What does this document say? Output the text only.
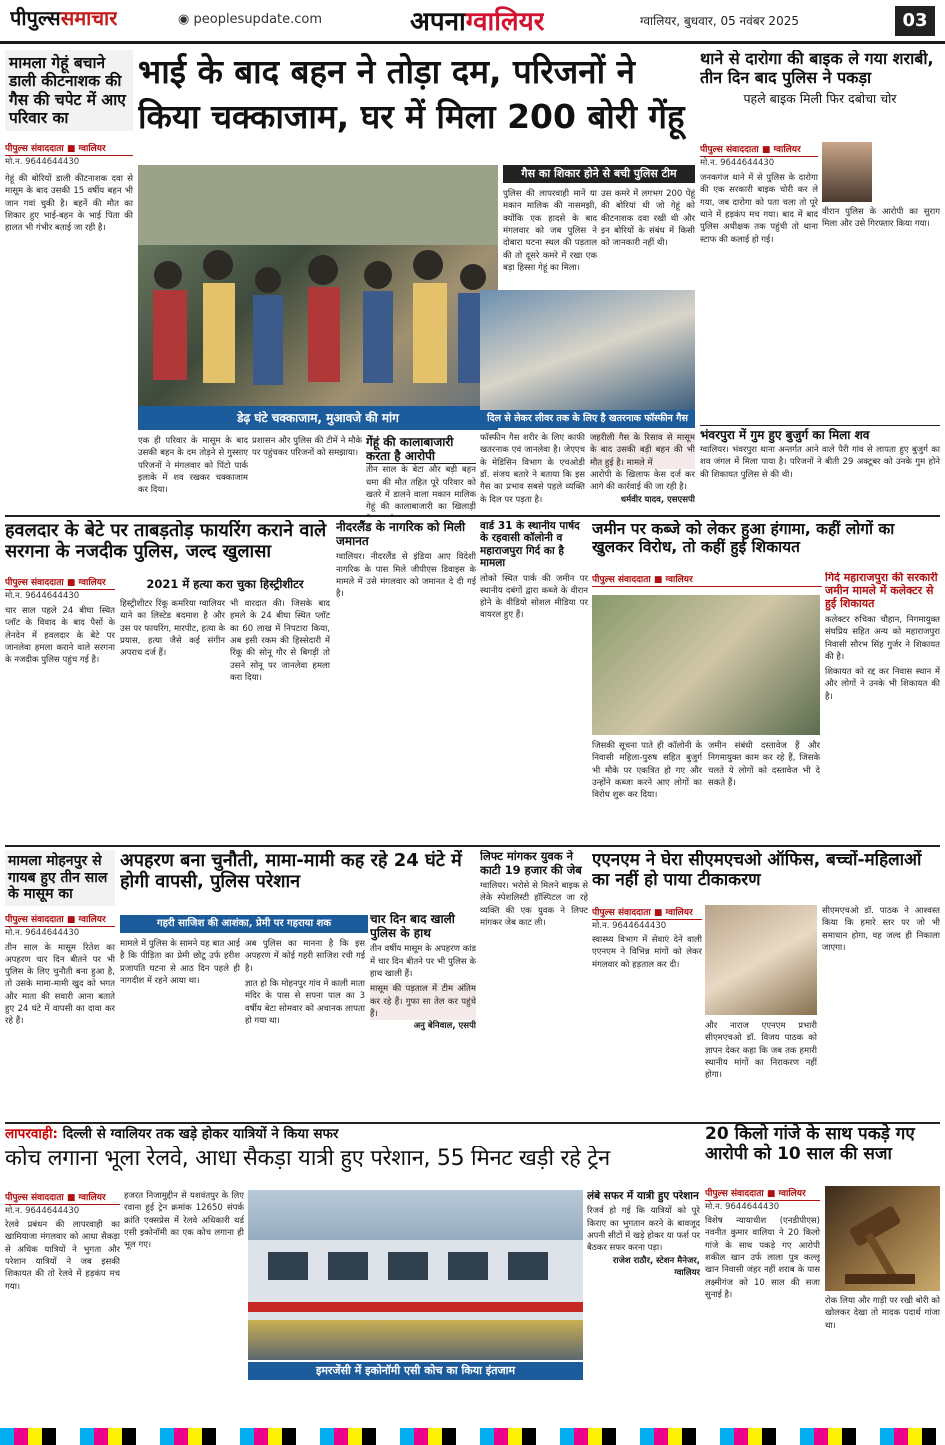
पीपुल्ससमाचार	◉ peoplesupdate.com	अपनाग्वालियर	ग्वालियर, बुधवार, 05 नवंबर 2025	03
मामला गेहूं बचाने डाली कीटनाशक की गैस की चपेट में आए परिवार का
पीपुल्स संवाददाता ■ ग्वालियर
मो.न. 9644644430
गेहूं की बोरियों डाली कीटनाशक दवा से मासूम के बाद उसकी 15 वर्षीय बहन भी जान गवां चुकी है। बहनें की मौत का शिकार हुए भाई-बहन के भाई पिता की हालत भी गंभीर बताई जा रही है।
भाई के बाद बहन ने तोड़ा दम, परिजनों ने किया चक्काजाम, घर में मिला 200 बोरी गेंहू
डेढ़ घंटे चक्काजाम, मुआवजे की मांग
गैस का शिकार होने से बची पुलिस टीम
पुलिस की लापरवाही मानें या मकान मालिक की नासमझी, क्योंकि एक हादसे के बाद मंगलवार को जब पुलिस ने दोबारा घटना स्थल की पड़ताल की तो दूसरे कमरे में रखा एक बड़ा हिस्सा गेहूं का मिला।
उस कमरे में लगभग 200 पेंहूं की बोरियां थी जो गेहूं को कीटनाशक दवा रखी थी और इन बोरियों के संबंध में किसी को जानकारी नहीं थी।
दिल से लेकर लीवर तक के लिए है खतरनाक फॉस्फीन गैस
एक ही परिवार के मासूम के बाद उसकी बहन के दम तोड़ने से गुस्साए परिजनों ने मंगलवार को पिंटो पार्क इलाके में शव रखकर चक्काजाम कर दिया।
प्रशासन और पुलिस की टीमें ने मौके पर पहुंचकर परिजनों को समझाया।
गेंहूं की कालाबाजारी करता है आरोपी
तीन साल के बेटा और बड़ी बहन धमा की मौत तहित पूरे परिवार को खतरे में डालने वाला मकान मालिक गेहूं की कालाबाजारी का खिलाड़ी
फॉस्फीन गैस शरीर के लिए काफी खतरनाक एवं जानलेवा है। जेएएच के मेडिसिन विभाग के एचओडी डॉ. संजय बतारे ने बताया कि इस गैस का प्रभाव सबसे पहले व्यक्ति के दिल पर पड़ता है।
जहरीली गैस के रिसाव से मासूम के बाद उसकी बड़ी बहन की भी मौत हुई है। मामले में
आरोपी के खिलाफ केस दर्ज कर आगे की कार्रवाई की जा रही है।
धर्मवीर यादव, एसएसपी
थाने से दारोगा की बाइक ले गया शराबी, तीन दिन बाद पुलिस ने पकड़ा
पहले बाइक मिली फिर दबोचा चोर
पीपुल्स संवाददाता ■ ग्वालियर
मो.न. 9644644430
जनकगंज थाने में से पुलिस के दारोगा की एक सरकारी बाइक चोरी कर ले गया, जब दारोगा को पता चला तो पूरे थाने में हड़कंप मच गया। बाद में बाद पुलिस अधीक्षक तक पहुंची तो थाना स्टाफ की कलाई हो गई।
वीरान पुलिस के आरोपी का सुराग मिला और उसे गिरफ्तार किया गया।
भंवरपुरा में गुम हुए बुजुर्ग का मिला शव
ग्वालियर। भंवरपुरा थाना अन्तर्गत आने वाले पैरी गांव से लापता हुए बुजुर्ग का शव जंगल में मिला पाया है। परिजनों ने बीती 29 अक्टूबर को उनके गुम होने की शिकायत पुलिस से की थी।
हवलदार के बेटे पर ताबड़तोड़ फायरिंग कराने वाले सरगना के नजदीक पुलिस, जल्द खुलासा
2021 में हत्या करा चुका हिस्ट्रीशीटर
पीपुल्स संवाददाता ■ ग्वालियर
मो.न. 9644644430
चार साल पहले 24 बीघा स्थित प्लॉट के विवाद के बाद पैसों के लेनदेन में हवलदार के बेटे पर जानलेवा हमला कराने वाले सरगना के नजदीक पुलिस पहुंच गई है।
हिस्ट्रीशीटर रिंकू कमरिया ग्वालियर थाने का लिस्टेड बदमाश है और उस पर फायरिंग, मारपीट, हत्या के प्रयास, हत्या जैसे कई संगीन अपराध दर्ज हैं।
भी वारदात की। जिसके बाद हमले के 24 बीघा स्थित प्लॉट का 60 लाख में निपटारा किया, अब इसी रकम की हिस्सेदारी में रिंकू की सोनू गौर से बिगड़ी तो उसने सोनू पर जानलेवा हमला करा दिया।
नीदरलैंड के नागरिक को मिली जमानत
ग्वालियर। नीदरलैंड से इंडिया आए विदेशी नागरिक के पास मिले जीपीएस डिवाइस के मामले में उसे मंगलवार को जमानत दे दी गई है।
वार्ड 31 के स्थानीय पार्षद के रहवासी कॉलोनी व महाराजपुरा गिर्द का है मामला
लोको स्थित पार्क की जमीन पर स्थानीय दबंगों द्वारा कब्जे के वीरान होने के वीडियो सोशल मीडिया पर वायरल हुए हैं।
जमीन पर कब्जे को लेकर हुआ हंगामा, कहीं लोगों का खुलकर विरोध, तो कहीं हुई शिकायत
पीपुल्स संवाददाता ■ ग्वालियर
जिसकी सूचना पाते ही कॉलोनी के निवासी महिला-पुरुष सहित बुजुर्ग भी मौके पर एकत्रित हो गए और उन्होंने कब्जा करने आए लोगों का विरोध शुरू कर दिया।
जमीन संबंधी दस्तावेज हैं और निगमायुक्त काम कर रहे हैं, जिसके चलते ये लोगों को दस्तावेज भी दे सकते हैं।
गिर्द महाराजपुरा की सरकारी जमीन मामले में कलेक्टर से हुई शिकायत
कलेक्टर रुचिका चौहान, निगमायुक्त संघप्रिय सहित अन्य को महाराजपुरा निवासी सौरभ सिंह गुर्जर ने शिकायत की है।
शिकायत को रद्द कर निवास स्थान में और लोगों ने उनके भी शिकायत की है।
मामला मोहनपुर से गायब हुए तीन साल के मासूम का
पीपुल्स संवाददाता ■ ग्वालियर
मो.न. 9644644430
तीन साल के मासूम रितेश का अपहरण चार दिन बीतने पर भी पुलिस के लिए चुनौती बना हुआ है, तो उसके मामा-मामी खुद को भगत और माता की सवारी आना बताते हुए 24 घंटे में वापसी का दावा कर रहे हैं।
अपहरण बना चुनौती, मामा-मामी कह रहे 24 घंटे में होगी वापसी, पुलिस परेशान
गहरी साजिश की आशंका, प्रेमी पर गहराया शक
मामले में पुलिस के सामने यह बात आई है कि पीड़िता का प्रेमी छोटू उर्फ हरीश प्रजापति घटना से आठ दिन पहले ही नागदीश में रहने आया था।
अब पुलिस का मानना है कि इस अपहरण में कोई गहरी साजिश रची गई है।
ज्ञात हो कि मोहनपुर गांव में काली माता मंदिर के पास से सपना पाल का 3 वर्षीय बेटा सोमवार को अचानक लापता हो गया था।
चार दिन बाद खाली पुलिस के हाथ
तीन वर्षीय मासूम के अपहरण कांड में चार दिन बीतने पर भी पुलिस के हाथ खाली हैं।
मासूम की पड़ताल में टीम अंतिम कर रहे हैं। गुफा सा तेल कर पहुंचे हैं।
अनु बेनिवाल, एसपी
लिफ्ट मांगकर युवक ने काटी 19 हजार की जेब
ग्वालियर। भरोसे से मिलने बाइक से लेके स्पेशलिस्टी हॉस्पिटल जा रहे व्यक्ति की एक युवक ने लिफ्ट मांगकर जेब काट ली।
एएनएम ने घेरा सीएमएचओ ऑफिस, बच्चों-महिलाओं का नहीं हो पाया टीकाकरण
पीपुल्स संवाददाता ■ ग्वालियर
मो.न. 9644644430
स्वास्थ्य विभाग में सेवाएं देने वाली एएनएम ने विभिन्न मांगों को लेकर मंगलवार को हड़ताल कर दी।
और नाराज एएनएम प्रभारी सीएमएचओ डॉ. विजय पाठक को ज्ञापन देकर कहा कि जब तक हमारी स्थानीय मांगों का निराकरण नहीं होगा।
सीएमएचओ डॉ. पाठक ने आश्वस्त किया कि हमारे स्तर पर जो भी समाधान होगा, वह जल्द ही निकाला जाएगा।
लापरवाही: दिल्ली से ग्वालियर तक खड़े होकर यात्रियों ने किया सफर
कोच लगाना भूला रेलवे, आधा सैकड़ा यात्री हुए परेशान, 55 मिनट खड़ी रहे ट्रेन
पीपुल्स संवाददाता ■ ग्वालियर
मो.न. 9644644430
रेलवे प्रबंधन की लापरवाही का खामियाजा मंगलवार को आधा सैकड़ा से अधिक यात्रियों ने भुगता और परेशान यात्रियों ने जब इसकी शिकायत की तो रेलवे में हड़कंप मच गया।
हजरत निजामुद्दीन से यशवंतपुर के लिए रवाना हुई ट्रेन क्रमांक 12650 संपर्क क्रांति एक्सप्रेस में रेलवे अधिकारी थर्ड एसी इकोनॉमी का एक कोच लगाना ही भूल गए।
इमरजेंसी में इकोनॉमी एसी कोच का किया इंतजाम
लंबे सफर में यात्री हुए परेशान
रिजर्व हो गई कि यात्रियों को पूरे किराए का भुगतान करने के बावजूद अपनी सीटों में खड़े होकर या फर्श पर बैठकर सफर करना पड़ा।
राजेश राठौर, स्टेशन मैनेजर, ग्वालियर
20 किलो गांजे के साथ पकड़े गए आरोपी को 10 साल की सजा
पीपुल्स संवाददाता ■ ग्वालियर
मो.न. 9644644430
विशेष न्यायाधीश (एनडीपीएस) नवनीत कुमार वालिया ने 20 किलो गांजे के साथ पकड़े गए आरोपी शकील खान उर्फ लाला पुत्र कल्लू खान निवासी जंहर नहीं शराब के पास लक्ष्मीगंज को 10 साल की सजा सुनाई है।
रोक लिया और गाड़ी पर रखी बोरी को खोलकर देखा तो मादक पदार्थ गांजा था।
